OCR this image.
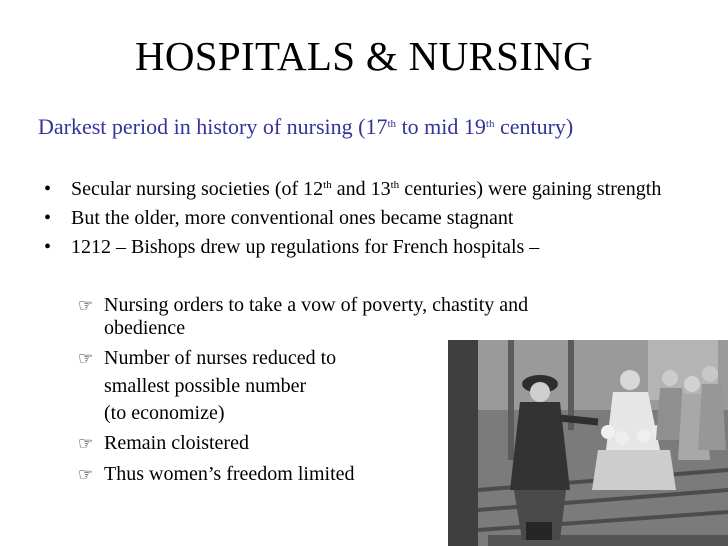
HOSPITALS & NURSING
Darkest period in history of nursing (17th to mid 19th century)
• Secular nursing societies (of 12th and 13th centuries) were gaining strength
• But the older, more conventional ones became stagnant
• 1212 – Bishops drew up regulations for French hospitals –
☞ Nursing orders to take a vow of poverty, chastity and
obedience
☞ Number of nurses reduced to
smallest possible number
(to economize)
☞ Remain cloistered
☞ Thus women’s freedom limited
